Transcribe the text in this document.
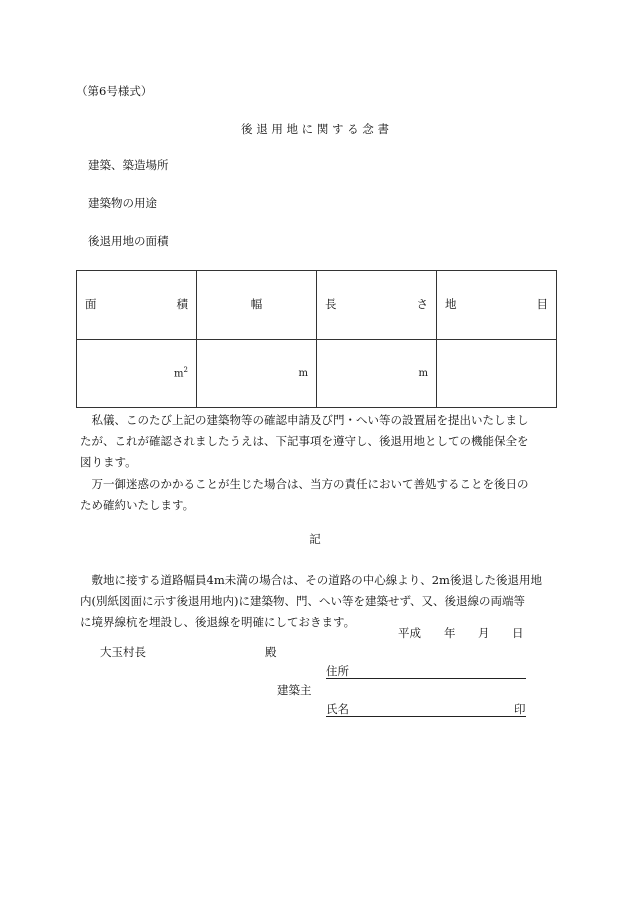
（第6号様式）
後 退 用 地 に 関 す る 念 書
建築、築造場所
建築物の用途
後退用地の面積
面 積	幅	長 さ	地 目

$m^2$	m	m	

　私儀、このたび上記の建築物等の確認申請及び門・へい等の設置届を提出いたしまし

たが、これが確認されましたうえは、下記事項を遵守し、後退用地としての機能保全を

図ります。

　万一御迷惑のかかることが生じた場合は、当方の責任において善処することを後日の

ため確約いたします。

記

　敷地に接する道路幅員4m未満の場合は、その道路の中心線より、2m後退した後退用地

内(別紙図面に示す後退用地内)に建築物、門、へい等を建築せず、又、後退線の両端等

に境界線杭を埋設し、後退線を明確にしておきます。

平成 年 月 日
大玉村長	殿
住所
建築主
氏名	印
